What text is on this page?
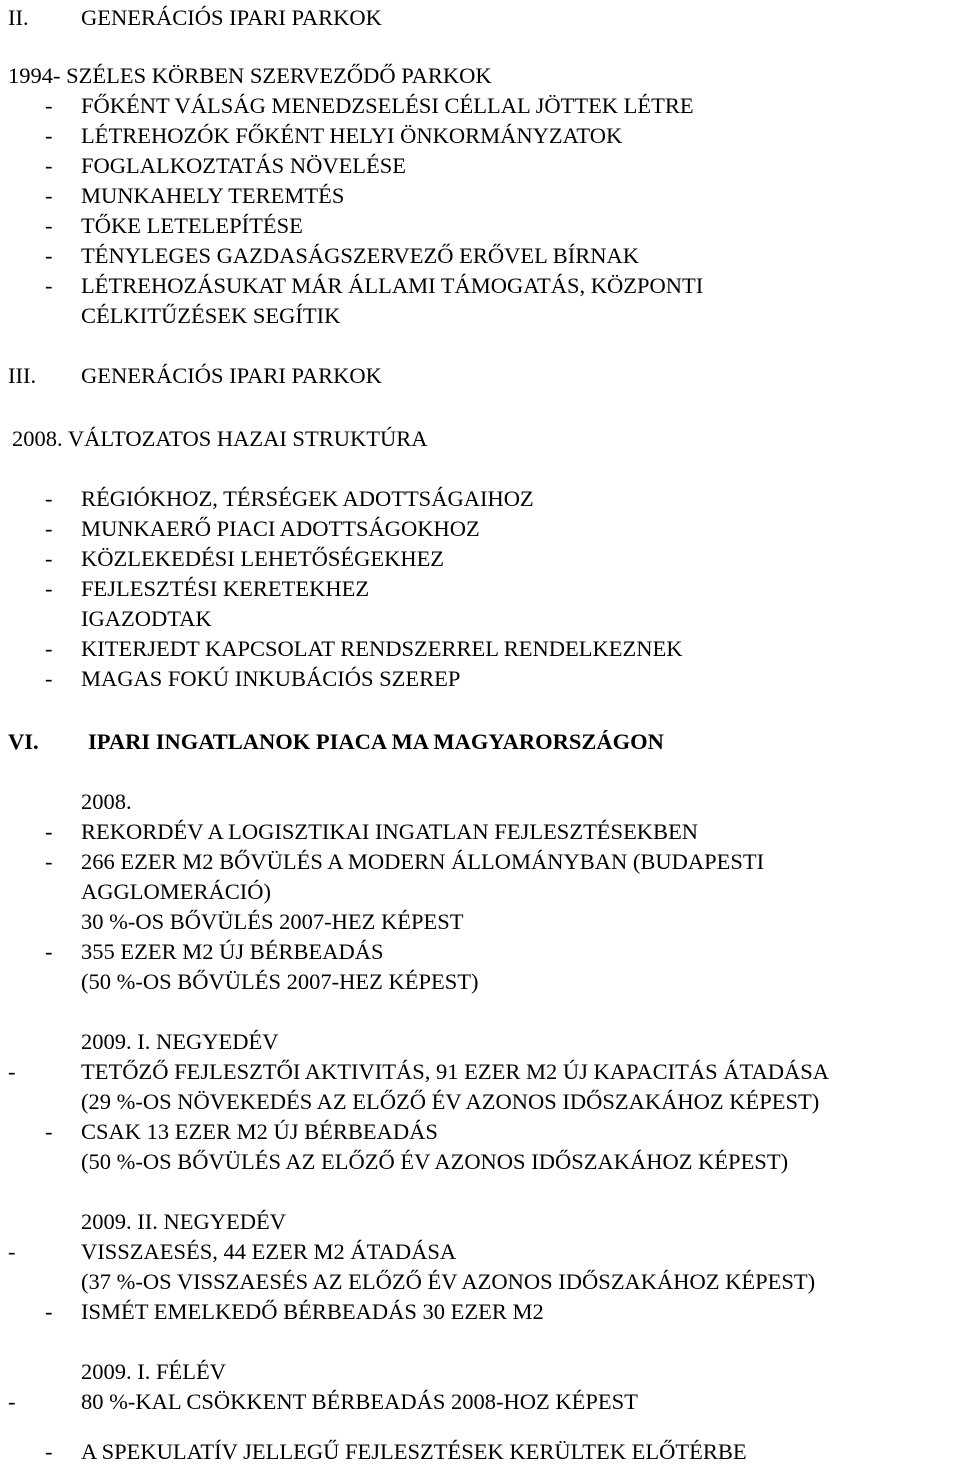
II. GENERÁCIÓS IPARI PARKOK
1994- SZÉLES KÖRBEN SZERVEZŐDŐ PARKOK
- FŐKÉNT VÁLSÁG MENEDZSELÉSI CÉLLAL JÖTTEK LÉTRE
- LÉTREHOZÓK FŐKÉNT HELYI ÖNKORMÁNYZATOK
- FOGLALKOZTATÁS NÖVELÉSE
- MUNKAHELY TEREMTÉS
- TŐKE LETELEPÍTÉSE
- TÉNYLEGES GAZDASÁGSZERVEZŐ ERŐVEL BÍRNAK
- LÉTREHOZÁSUKAT MÁR ÁLLAMI TÁMOGATÁS, KÖZPONTI
CÉLKITŰZÉSEK SEGÍTIK
III. GENERÁCIÓS IPARI PARKOK
2008. VÁLTOZATOS HAZAI STRUKTÚRA
- RÉGIÓKHOZ, TÉRSÉGEK ADOTTSÁGAIHOZ
- MUNKAERŐ PIACI ADOTTSÁGOKHOZ
- KÖZLEKEDÉSI LEHETŐSÉGEKHEZ
- FEJLESZTÉSI KERETEKHEZ
IGAZODTAK
- KITERJEDT KAPCSOLAT RENDSZERREL RENDELKEZNEK
- MAGAS FOKÚ INKUBÁCIÓS SZEREP
VI. IPARI INGATLANOK PIACA MA MAGYARORSZÁGON
2008.
- REKORDÉV A LOGISZTIKAI INGATLAN FEJLESZTÉSEKBEN
- 266 EZER M2 BŐVÜLÉS A MODERN ÁLLOMÁNYBAN (BUDAPESTI
AGGLOMERÁCIÓ)
30 %-OS BŐVÜLÉS 2007-HEZ KÉPEST
- 355 EZER M2 ÚJ BÉRBEADÁS
(50 %-OS BŐVÜLÉS 2007-HEZ KÉPEST)
2009. I. NEGYEDÉV
-	TETŐZŐ FEJLESZTŐI AKTIVITÁS, 91 EZER M2 ÚJ KAPACITÁS ÁTADÁSA
(29 %-OS NÖVEKEDÉS AZ ELŐZŐ ÉV AZONOS IDŐSZAKÁHOZ KÉPEST)
- CSAK 13 EZER M2 ÚJ BÉRBEADÁS
(50 %-OS BŐVÜLÉS AZ ELŐZŐ ÉV AZONOS IDŐSZAKÁHOZ KÉPEST)
2009. II. NEGYEDÉV
-	VISSZAESÉS, 44 EZER M2 ÁTADÁSA
(37 %-OS VISSZAESÉS AZ ELŐZŐ ÉV AZONOS IDŐSZAKÁHOZ KÉPEST)
- ISMÉT EMELKEDŐ BÉRBEADÁS 30 EZER M2
2009. I. FÉLÉV
-	80 %-KAL CSÖKKENT BÉRBEADÁS 2008-HOZ KÉPEST
- A SPEKULATÍV JELLEGŰ FEJLESZTÉSEK KERÜLTEK ELŐTÉRBE
